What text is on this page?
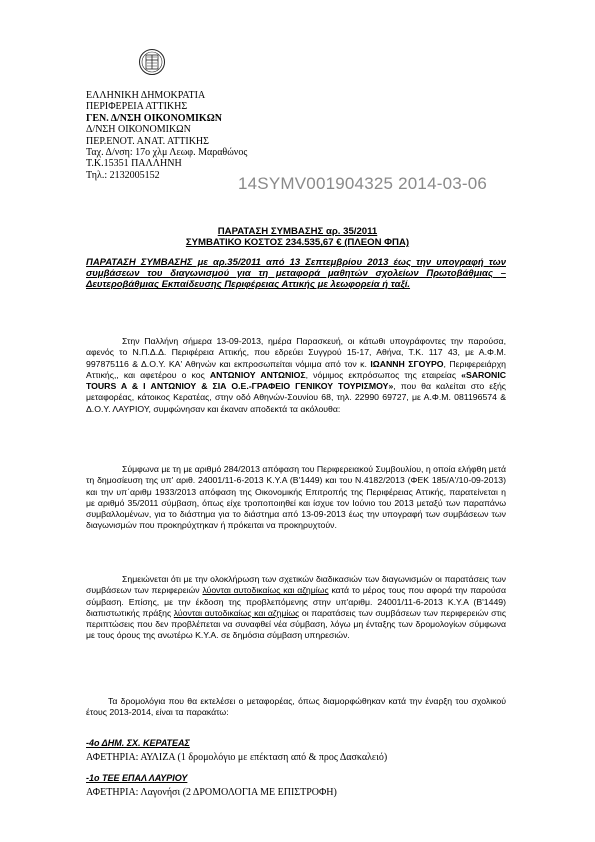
ΕΛΛΗΝΙΚΗ ΔΗΜΟΚΡΑΤΙΑ
ΠΕΡΙΦΕΡΕΙΑ ΑΤΤΙΚΗΣ
ΓΕΝ. Δ/ΝΣΗ ΟΙΚΟΝΟΜΙΚΩΝ
Δ/ΝΣΗ ΟΙΚΟΝΟΜΙΚΩΝ
ΠΕΡ.ΕΝΟΤ. ΑΝΑΤ. ΑΤΤΙΚΗΣ
Ταχ. Δ/νση: 17ο χλμ Λεωφ. Μαραθώνος
Τ.Κ.15351 ΠΑΛΛΗΝΗ
Τηλ.: 2132005152	14SYMV001904325 2014-03-06
ΠΑΡΑΤΑΣΗ ΣΥΜΒΑΣΗΣ αρ. 35/2011
ΣΥΜΒΑΤΙΚΟ ΚΟΣΤΟΣ 234.535,67 € (ΠΛΕΟΝ ΦΠΑ)
ΠΑΡΑΤΑΣΗ ΣΥΜΒΑΣΗΣ με αρ.35/2011 από 13 Σεπτεμβρίου 2013 έως την υπογραφή των συμβάσεων του διαγωνισμού για τη μεταφορά μαθητών σχολείων Πρωτοβάθμιας – Δευτεροβάθμιας Εκπαίδευσης Περιφέρειας Αττικής με λεωφορεία ή ταξί.
Στην Παλλήνη σήμερα 13-09-2013, ημέρα Παρασκευή, οι κάτωθι υπογράφοντες την παρούσα, αφενός το Ν.Π.Δ.Δ. Περιφέρεια Αττικής, που εδρεύει Συγγρού 15-17, Αθήνα, Τ.Κ. 117 43, με Α.Φ.Μ. 997875116 & Δ.Ο.Υ. ΚΑ' Αθηνών και εκπροσωπείται νόμιμα από τον κ. ΙΩΑΝΝΗ ΣΓΟΥΡΟ, Περιφερειάρχη Αττικής,, και αφετέρου ο κος ΑΝΤΩΝΙΟΥ ΑΝΤΩΝΙΟΣ, νόμιμος εκπρόσωπος της εταιρείας «SARONIC TOURS A & I ΑΝΤΩΝΙΟΥ & ΣΙΑ Ο.Ε.-ΓΡΑΦΕΙΟ ΓΕΝΙΚΟΥ ΤΟΥΡΙΣΜΟΥ», που θα καλείται στο εξής μεταφορέας, κάτοικος Κερατέας, στην οδό Αθηνών-Σουνίου 68, τηλ. 22990 69727, με Α.Φ.Μ. 081196574 & Δ.Ο.Υ. ΛΑΥΡΙΟΥ, συμφώνησαν και έκαναν αποδεκτά τα ακόλουθα:
Σύμφωνα με τη με αριθμό 284/2013 απόφαση του Περιφερειακού Συμβουλίου, η οποία ελήφθη μετά τη δημοσίευση της υπ' αριθ. 24001/11-6-2013 Κ.Υ.Α (Β'1449) και του Ν.4182/2013 (ΦΕΚ 185/Α'/10-09-2013) και την υπ΄αριθμ 1933/2013 απόφαση της Οικονομικής Επιτροπής της Περιφέρειας Αττικής, παρατείνεται η με αριθμό 35/2011 σύμβαση, όπως είχε τροποποιηθεί και ίσχυε τον Ιούνιο του 2013 μεταξύ των παραπάνω συμβαλλομένων, για το διάστημα για το διάστημα από 13-09-2013 έως την υπογραφή των συμβάσεων των διαγωνισμών που προκηρύχτηκαν ή πρόκειται να προκηρυχτούν.
Σημειώνεται ότι με την ολοκλήρωση των σχετικών διαδικασιών των διαγωνισμών οι παρατάσεις των συμβάσεων των περιφερειών λύονται αυτοδικαίως και αζημίως κατά το μέρος τους που αφορά την παρούσα σύμβαση. Επίσης, με την έκδοση της προβλεπόμενης στην υπ'αριθμ. 24001/11-6-2013 Κ.Υ.Α (Β'1449) διαπιστωτικής πράξης λύονται αυτοδικαίως και αζημίως οι παρατάσεις των συμβάσεων των περιφερειών στις περιπτώσεις που δεν προβλέπεται να συναφθεί νέα σύμβαση, λόγω μη ένταξης των δρομολογίων σύμφωνα με τους όρους της ανωτέρω Κ.Υ.Α. σε δημόσια σύμβαση υπηρεσιών.
Τα δρομολόγια που θα εκτελέσει ο μεταφορέας, όπως διαμορφώθηκαν κατά την έναρξη του σχολικού έτους 2013-2014, είναι τα παρακάτω:
-4ο ΔΗΜ. ΣΧ. ΚΕΡΑΤΕΑΣ
ΑΦΕΤΗΡΙΑ: ΑΥΛΙΖΑ (1 δρομολόγιο με επέκταση από & προς Δασκαλειό)
-1ο ΤΕΕ ΕΠΑΛ ΛΑΥΡΙΟΥ
ΑΦΕΤΗΡΙΑ: Λαγονήσι (2 ΔΡΟΜΟΛΟΓΙΑ ΜΕ ΕΠΙΣΤΡΟΦΗ)
